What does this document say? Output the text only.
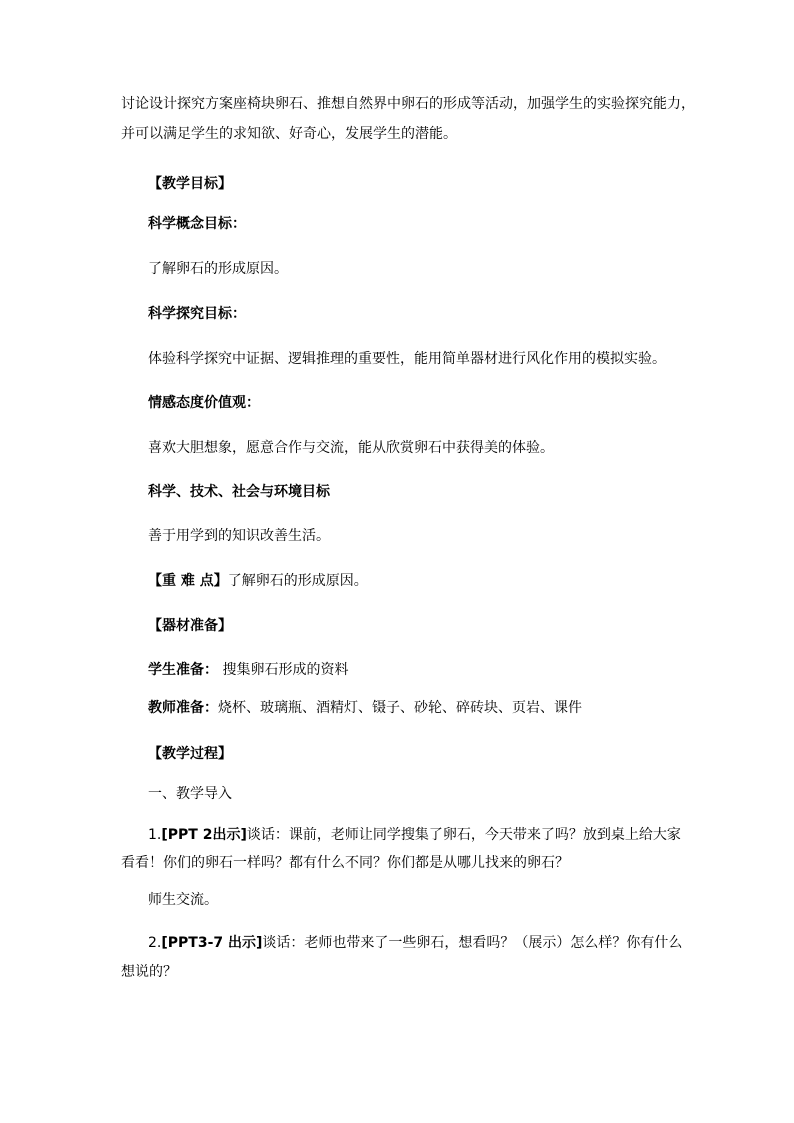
讨论设计探究方案座椅块卵石、推想自然界中卵石的形成等活动，加强学生的实验探究能力，
并可以满足学生的求知欲、好奇心，发展学生的潜能。
【教学目标】
科学概念目标：
了解卵石的形成原因。
科学探究目标：
体验科学探究中证据、逻辑推理的重要性，能用简单器材进行风化作用的模拟实验。
情感态度价值观：
喜欢大胆想象，愿意合作与交流，能从欣赏卵石中获得美的体验。
科学、技术、社会与环境目标
善于用学到的知识改善生活。
【重 难 点】了解卵石的形成原因。
【器材准备】
学生准备： 搜集卵石形成的资料
教师准备：烧杯、玻璃瓶、酒精灯、镊子、砂轮、碎砖块、页岩、课件
【教学过程】
一、教学导入
1.[PPT 2出示]谈话：课前，老师让同学搜集了卵石，今天带来了吗？放到桌上给大家
看看！你们的卵石一样吗？都有什么不同？你们都是从哪儿找来的卵石？
师生交流。
2.[PPT3-7 出示]谈话：老师也带来了一些卵石，想看吗？（展示）怎么样？你有什么
想说的？
